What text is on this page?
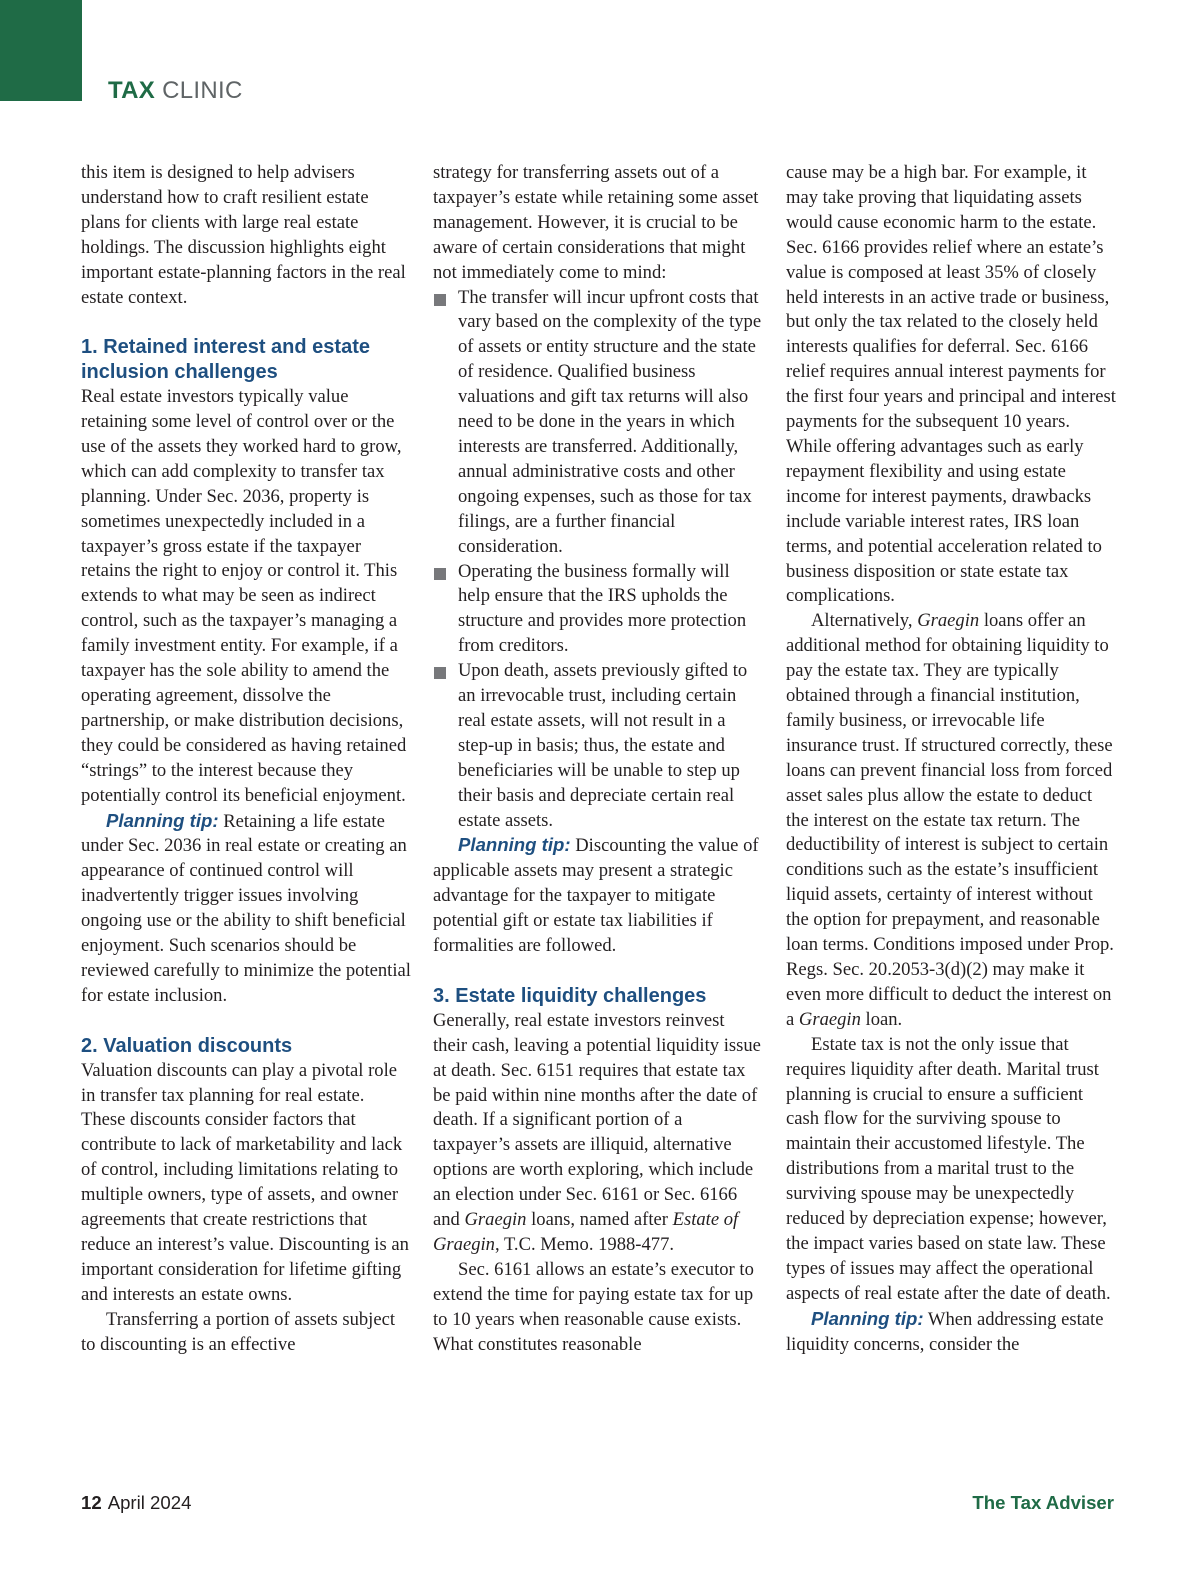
TAX CLINIC

this item is designed to help advisers understand how to craft resilient estate plans for clients with large real estate holdings. The discussion highlights eight important estate-planning factors in the real estate context.

1. Retained interest and estate
inclusion challenges

Real estate investors typically value retaining some level of control over or the use of the assets they worked hard to grow, which can add complexity to transfer tax planning. Under Sec. 2036, property is sometimes unexpectedly included in a taxpayer’s gross estate if the taxpayer retains the right to enjoy or control it. This extends to what may be seen as indirect control, such as the taxpayer’s managing a family investment entity. For example, if a taxpayer has the sole ability to amend the operating agreement, dissolve the partnership, or make distribution decisions, they could be considered as having retained “strings” to the interest because they potentially control its beneficial enjoyment.

Planning tip: Retaining a life estate under Sec. 2036 in real estate or creating an appearance of continued control will inadvertently trigger issues involving ongoing use or the ability to shift beneficial enjoyment. Such scenarios should be reviewed carefully to minimize the potential for estate inclusion.

2. Valuation discounts

Valuation discounts can play a pivotal role in transfer tax planning for real estate. These discounts consider factors that contribute to lack of marketability and lack of control, including limitations relating to multiple owners, type of assets, and owner agreements that create restrictions that reduce an interest’s value. Discounting is an important consideration for lifetime gifting and interests an estate owns.

Transferring a portion of assets subject to discounting is an effective

strategy for transferring assets out of a taxpayer’s estate while retaining some asset management. However, it is crucial to be aware of certain considerations that might not immediately come to mind:

The transfer will incur upfront costs that vary based on the complexity of the type of assets or entity structure and the state of residence. Qualified business valuations and gift tax returns will also need to be done in the years in which interests are transferred. Additionally, annual administrative costs and other ongoing expenses, such as those for tax filings, are a further financial consideration.
Operating the business formally will help ensure that the IRS upholds the structure and provides more protection from creditors.
Upon death, assets previously gifted to an irrevocable trust, including certain real estate assets, will not result in a step-up in basis; thus, the estate and beneficiaries will be unable to step up their basis and depreciate certain real estate assets.

Planning tip: Discounting the value of applicable assets may present a strategic advantage for the taxpayer to mitigate potential gift or estate tax liabilities if formalities are followed.

3. Estate liquidity challenges

Generally, real estate investors reinvest their cash, leaving a potential liquidity issue at death. Sec. 6151 requires that estate tax be paid within nine months after the date of death. If a significant portion of a taxpayer’s assets are illiquid, alternative options are worth exploring, which include an election under Sec. 6161 or Sec. 6166 and Graegin loans, named after Estate of Graegin, T.C. Memo. 1988-477.

Sec. 6161 allows an estate’s executor to extend the time for paying estate tax for up to 10 years when reasonable cause exists. What constitutes reasonable

cause may be a high bar. For example, it may take proving that liquidating assets would cause economic harm to the estate. Sec. 6166 provides relief where an estate’s value is composed at least 35% of closely held interests in an active trade or business, but only the tax related to the closely held interests qualifies for deferral. Sec. 6166 relief requires annual interest payments for the first four years and principal and interest payments for the subsequent 10 years. While offering advantages such as early repayment flexibility and using estate income for interest payments, drawbacks include variable interest rates, IRS loan terms, and potential acceleration related to business disposition or state estate tax complications.

Alternatively, Graegin loans offer an additional method for obtaining liquidity to pay the estate tax. They are typically obtained through a financial institution, family business, or irrevocable life insurance trust. If structured correctly, these loans can prevent financial loss from forced asset sales plus allow the estate to deduct the interest on the estate tax return. The deductibility of interest is subject to certain conditions such as the estate’s insufficient liquid assets, certainty of interest without the option for prepayment, and reasonable loan terms. Conditions imposed under Prop. Regs. Sec. 20.2053-3(d)(2) may make it even more difficult to deduct the interest on a Graegin loan.

Estate tax is not the only issue that requires liquidity after death. Marital trust planning is crucial to ensure a sufficient cash flow for the surviving spouse to maintain their accustomed lifestyle. The distributions from a marital trust to the surviving spouse may be unexpectedly reduced by depreciation expense; however, the impact varies based on state law. These types of issues may affect the operational aspects of real estate after the date of death.

Planning tip: When addressing estate liquidity concerns, consider the

12 April 2024	The Tax Adviser
